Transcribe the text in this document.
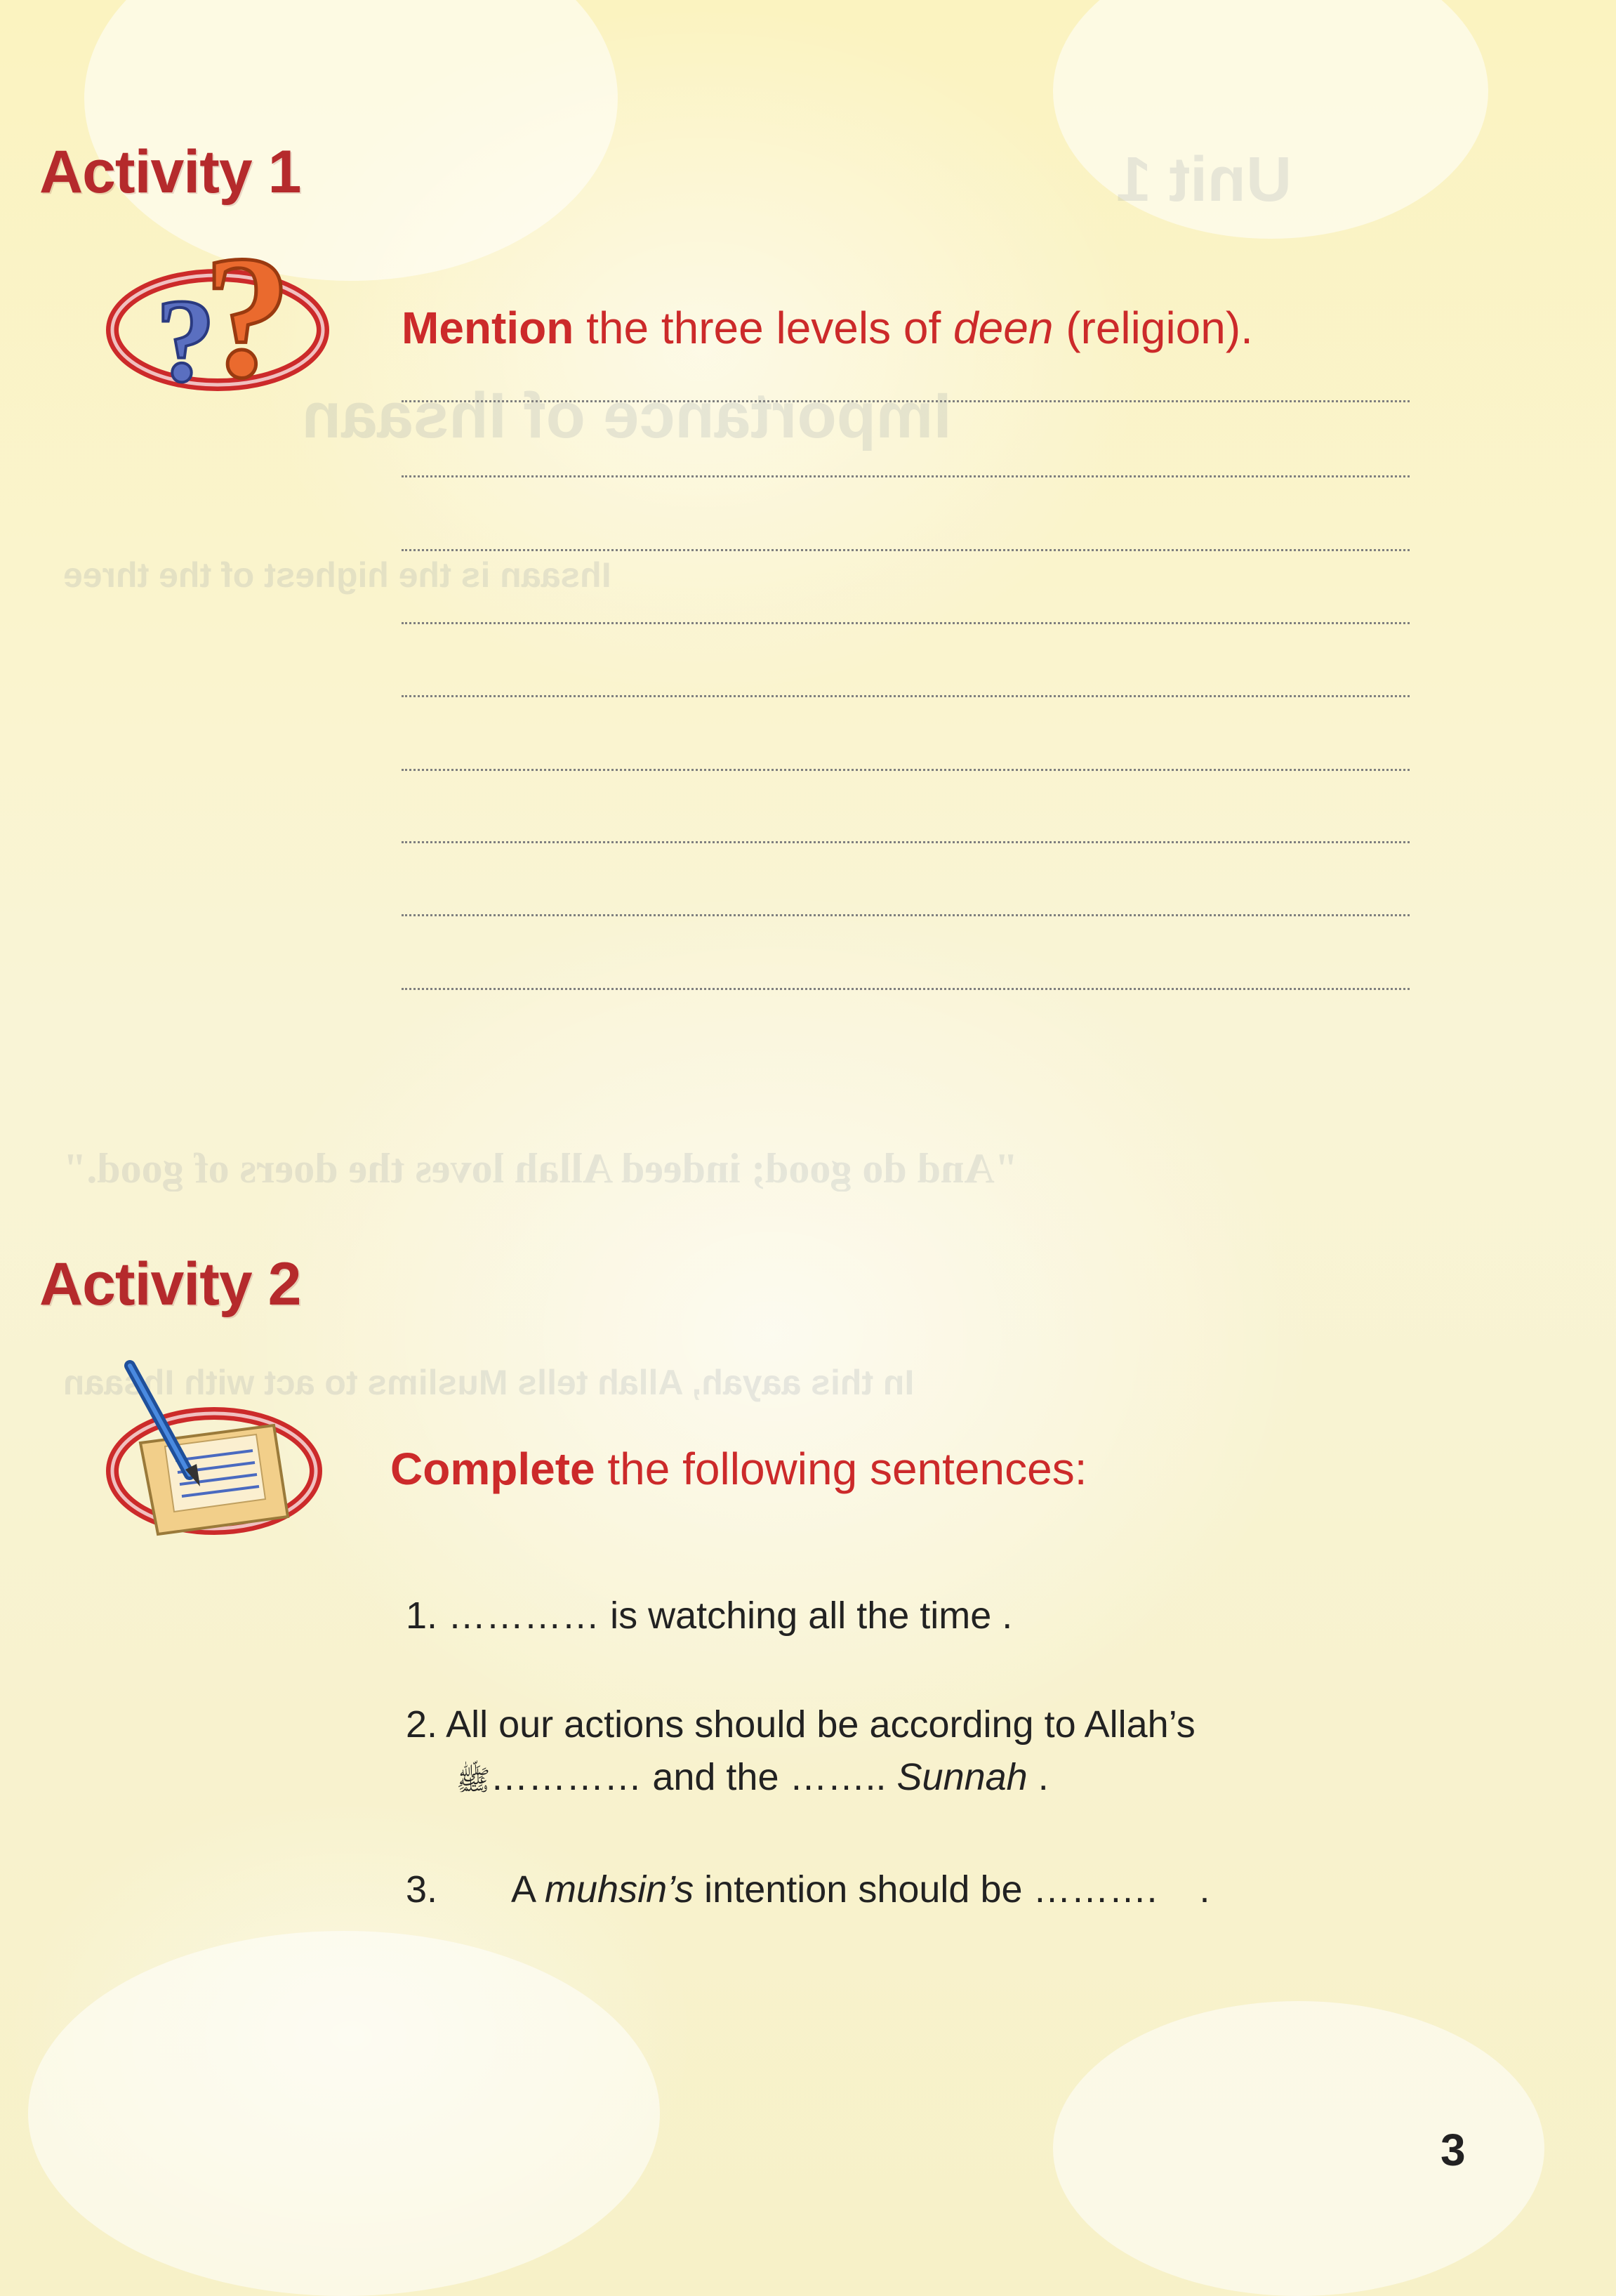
Unit 1
Importance of Ihsaan
Ihsaan is the highest of the three
"And do good; indeed Allah loves the doers of good."
In this aayah, Allah tells Muslims to act with Ihsaan
Activity 1
?
? Mention the three levels of deen (religion).
Activity 2
Complete the following sentences:
1. ………… is watching all the time .
2. All our actions should be according to Allah’s
ﷺ………… and the …….. Sunnah .
3. A muhsin’s intention should be ……….    .
3
